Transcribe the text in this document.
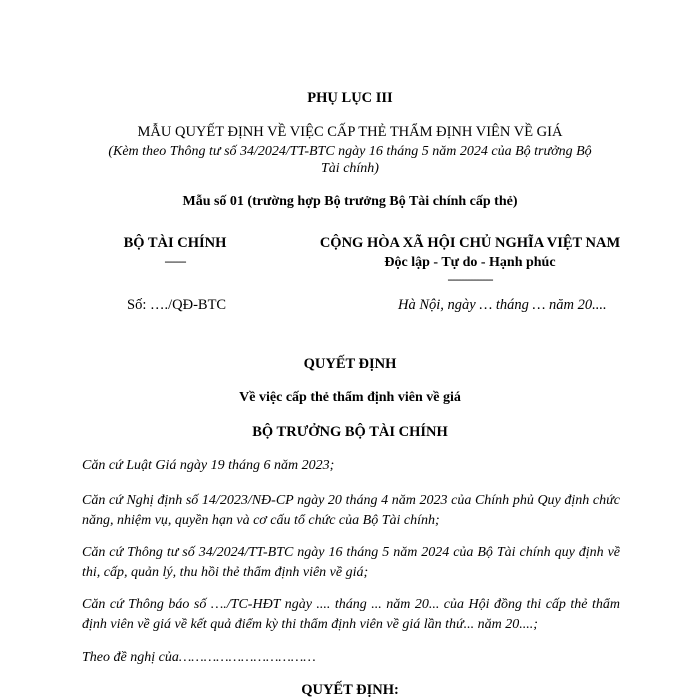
PHỤ LỤC III
MẪU QUYẾT ĐỊNH VỀ VIỆC CẤP THẺ THẨM ĐỊNH VIÊN VỀ GIÁ
(Kèm theo Thông tư số 34/2024/TT-BTC ngày 16 tháng 5 năm 2024 của Bộ trưởng Bộ
Tài chính)
Mẫu số 01 (trường hợp Bộ trưởng Bộ Tài chính cấp thẻ)
BỘ TÀI CHÍNH
-------
CỘNG HÒA XÃ HỘI CHỦ NGHĨA VIỆT NAM
Độc lập - Tự do - Hạnh phúc
---------------
Số: …./QĐ-BTC	Hà Nội, ngày … tháng … năm 20....
QUYẾT ĐỊNH
Về việc cấp thẻ thẩm định viên về giá
BỘ TRƯỞNG BỘ TÀI CHÍNH
Căn cứ Luật Giá ngày 19 tháng 6 năm 2023;
Căn cứ Nghị định số 14/2023/NĐ-CP ngày 20 tháng 4 năm 2023 của Chính phủ Quy định chức năng, nhiệm vụ, quyền hạn và cơ cấu tổ chức của Bộ Tài chính;
Căn cứ Thông tư số 34/2024/TT-BTC ngày 16 tháng 5 năm 2024 của Bộ Tài chính quy định về thi, cấp, quản lý, thu hồi thẻ thẩm định viên về giá;
Căn cứ Thông báo số …./TC-HĐT ngày .... tháng ... năm 20... của Hội đồng thi cấp thẻ thẩm định viên về giá về kết quả điểm kỳ thi thẩm định viên về giá lần thứ... năm 20....;
Theo đề nghị của……………………………
QUYẾT ĐỊNH:
